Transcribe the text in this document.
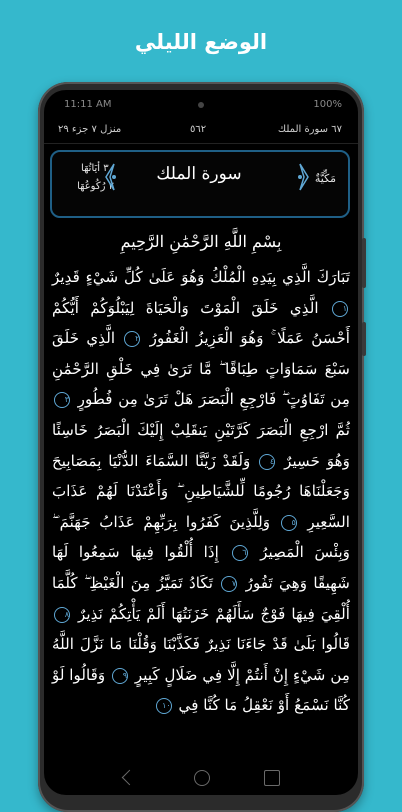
الوضع الليلي
11:11 AM	100%
٦٧ سورة الملك
٥٦٢
منزل ٧ جزء ٢٩
٣٠ أيَاتُهَا
٢ رُكُوعُهَا
سورة الملك	مَكِّيَّةٌ
بِسْمِ اللَّهِ الرَّحْمَٰنِ الرَّحِيمِ
تَبَارَكَ الَّذِي بِيَدِهِ الْمُلْكُ وَهُوَ عَلَىٰ كُلِّ شَيْءٍ قَدِيرٌ ١ الَّذِي خَلَقَ الْمَوْتَ وَالْحَيَاةَ لِيَبْلُوَكُمْ أَيُّكُمْ أَحْسَنُ عَمَلًا ۚ وَهُوَ الْعَزِيزُ الْغَفُورُ ٢ الَّذِي خَلَقَ سَبْعَ سَمَاوَاتٍ طِبَاقًا ۖ مَّا تَرَىٰ فِي خَلْقِ الرَّحْمَٰنِ مِن تَفَاوُتٍ ۖ فَارْجِعِ الْبَصَرَ هَلْ تَرَىٰ مِن فُطُورٍ ٣ ثُمَّ ارْجِعِ الْبَصَرَ كَرَّتَيْنِ يَنقَلِبْ إِلَيْكَ الْبَصَرُ خَاسِئًا وَهُوَ حَسِيرٌ ٤ وَلَقَدْ زَيَّنَّا السَّمَاءَ الدُّنْيَا بِمَصَابِيحَ وَجَعَلْنَاهَا رُجُومًا لِّلشَّيَاطِينِ ۖ وَأَعْتَدْنَا لَهُمْ عَذَابَ السَّعِيرِ ٥ وَلِلَّذِينَ كَفَرُوا بِرَبِّهِمْ عَذَابُ جَهَنَّمَ ۖ وَبِئْسَ الْمَصِيرُ ٦ إِذَا أُلْقُوا فِيهَا سَمِعُوا لَهَا شَهِيقًا وَهِيَ تَفُورُ ٧ تَكَادُ تَمَيَّزُ مِنَ الْغَيْظِ ۖ كُلَّمَا أُلْقِيَ فِيهَا فَوْجٌ سَأَلَهُمْ خَزَنَتُهَا أَلَمْ يَأْتِكُمْ نَذِيرٌ ٨ قَالُوا بَلَىٰ قَدْ جَاءَنَا نَذِيرٌ فَكَذَّبْنَا وَقُلْنَا مَا نَزَّلَ اللَّهُ مِن شَيْءٍ إِنْ أَنتُمْ إِلَّا فِي ضَلَالٍ كَبِيرٍ ٩ وَقَالُوا لَوْ كُنَّا نَسْمَعُ أَوْ نَعْقِلُ مَا كُنَّا فِي ١٠
